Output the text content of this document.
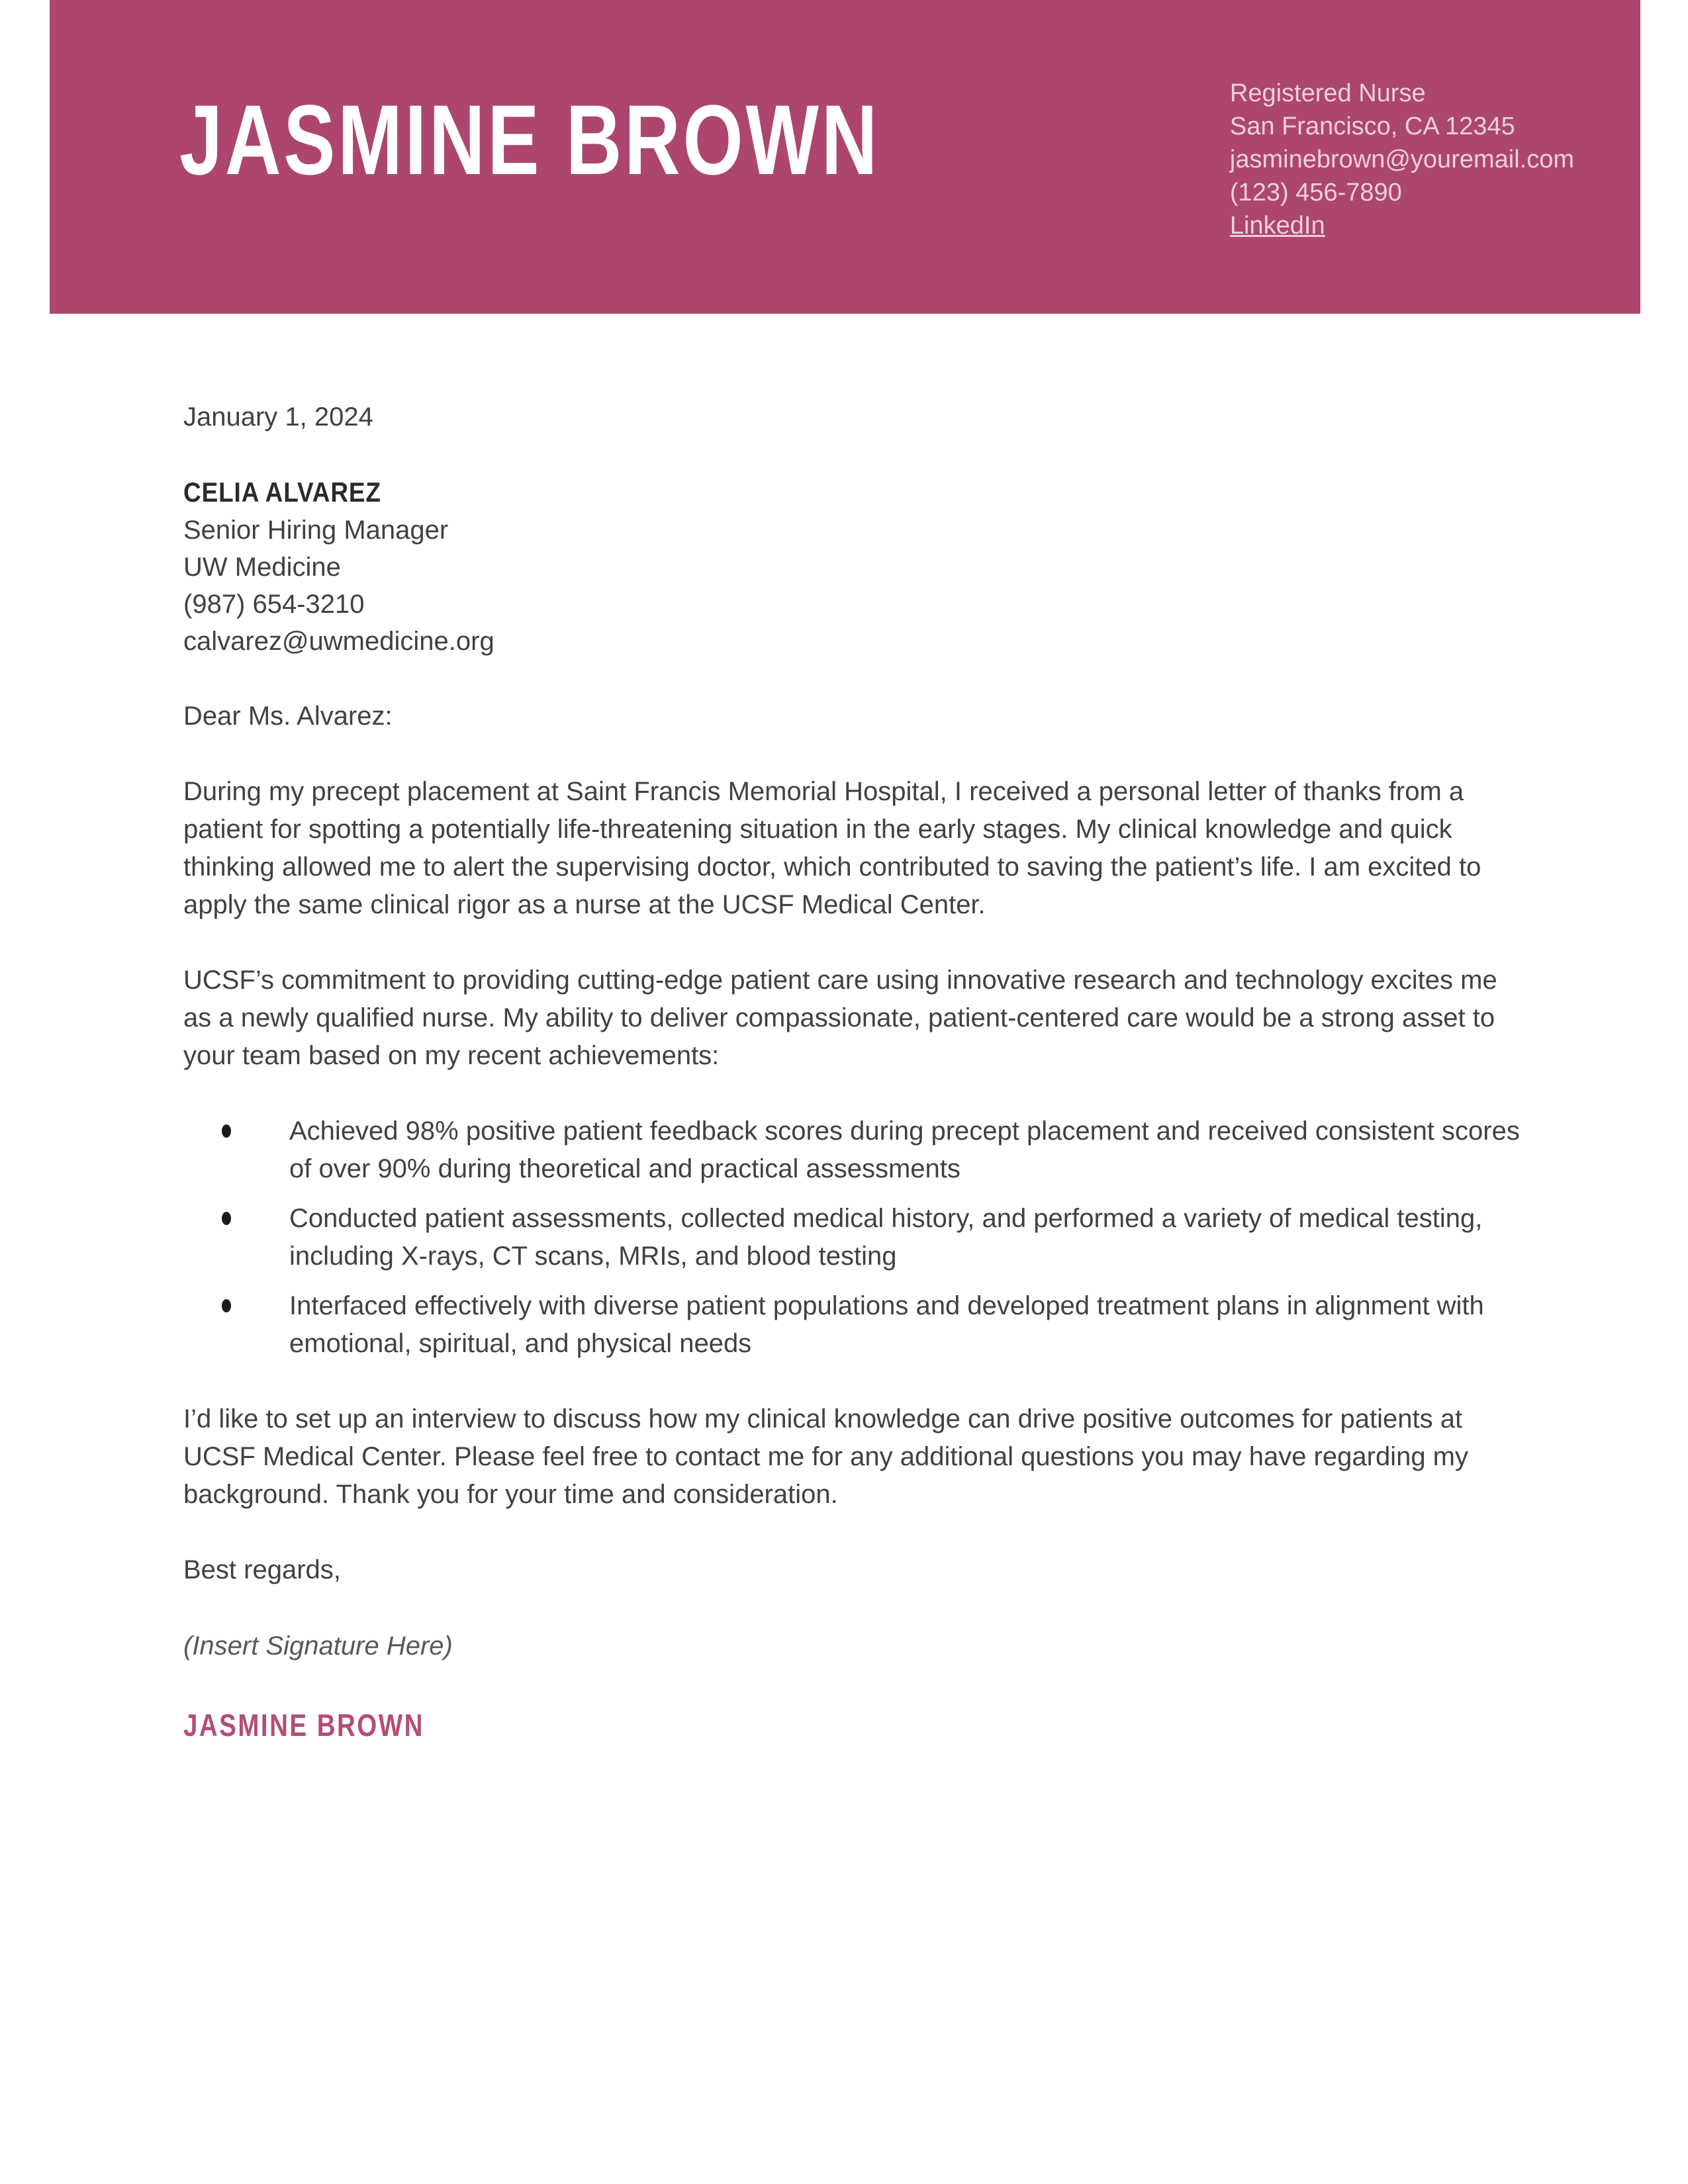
JASMINE BROWN	Registered Nurse
San Francisco, CA 12345
jasminebrown@youremail.com
(123) 456-7890
LinkedIn

January 1, 2024

CELIA ALVAREZ
Senior Hiring Manager
UW Medicine
(987) 654-3210
calvarez@uwmedicine.org

Dear Ms. Alvarez:

During my precept placement at Saint Francis Memorial Hospital, I received a personal letter of thanks from a patient for spotting a potentially life-threatening situation in the early stages. My clinical knowledge and quick thinking allowed me to alert the supervising doctor, which contributed to saving the patient’s life. I am excited to apply the same clinical rigor as a nurse at the UCSF Medical Center.

UCSF’s commitment to providing cutting-edge patient care using innovative research and technology excites me as a newly qualified nurse. My ability to deliver compassionate, patient-centered care would be a strong asset to your team based on my recent achievements:

Achieved 98% positive patient feedback scores during precept placement and received consistent scores of over 90% during theoretical and practical assessments
Conducted patient assessments, collected medical history, and performed a variety of medical testing, including X-rays, CT scans, MRIs, and blood testing
Interfaced effectively with diverse patient populations and developed treatment plans in alignment with emotional, spiritual, and physical needs

I’d like to set up an interview to discuss how my clinical knowledge can drive positive outcomes for patients at UCSF Medical Center. Please feel free to contact me for any additional questions you may have regarding my background. Thank you for your time and consideration.

Best regards,

(Insert Signature Here)

JASMINE BROWN
